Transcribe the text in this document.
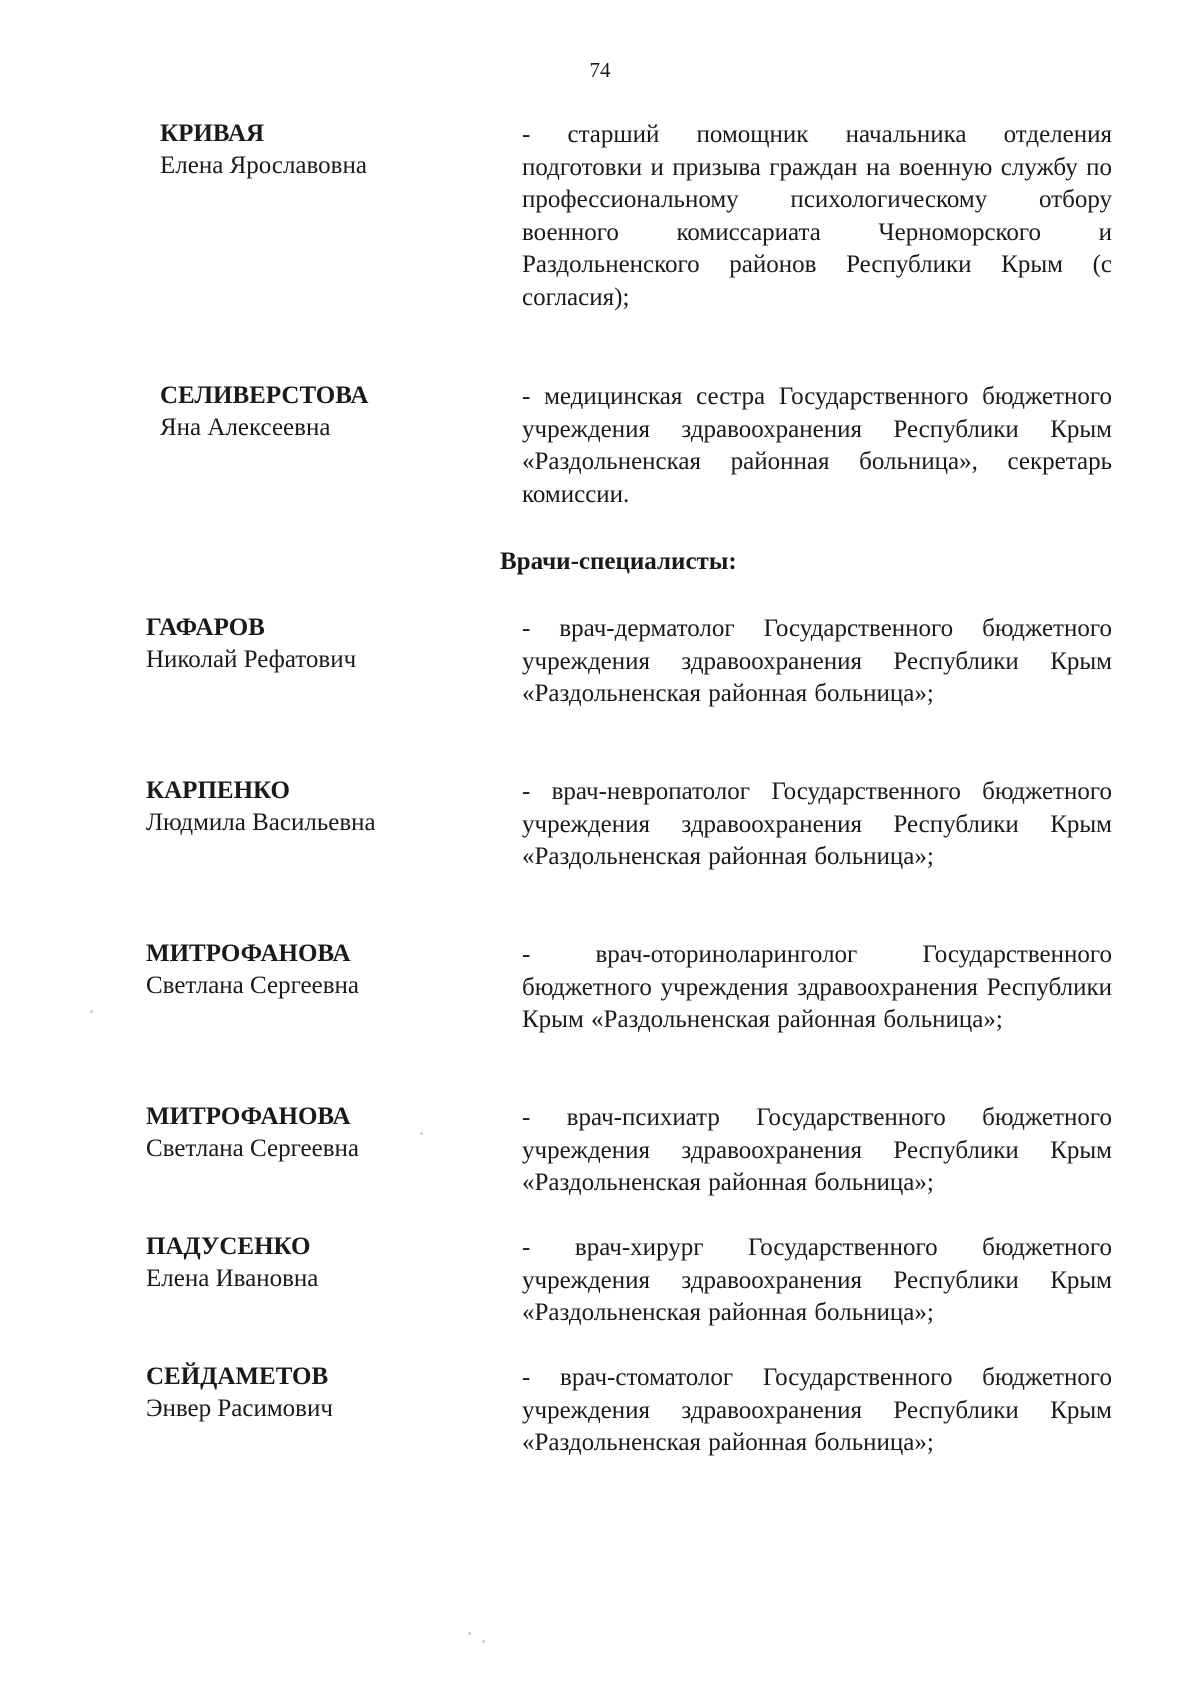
74
КРИВАЯ
Елена Ярославовна
- старший помощник начальника отделения подготовки и призыва граждан на военную службу по профессиональному психологическому отбору военного комиссариата Черноморского и Раздольненского районов Республики Крым (с согласия);
СЕЛИВЕРСТОВА
Яна Алексеевна
- медицинская сестра Государственного бюджетного учреждения здравоохранения Республики Крым «Раздольненская районная больница», секретарь комиссии.
Врачи-специалисты:
ГАФАРОВ
Николай Рефатович
- врач-дерматолог Государственного бюджетного учреждения здравоохранения Республики Крым «Раздольненская районная больница»;
КАРПЕНКО
Людмила Васильевна
- врач-невропатолог Государственного бюджетного учреждения здравоохранения Республики Крым «Раздольненская районная больница»;
МИТРОФАНОВА
Светлана Сергеевна
- врач-оториноларинголог Государственного бюджетного учреждения здравоохранения Республики Крым «Раздольненская районная больница»;
МИТРОФАНОВА
Светлана Сергеевна
- врач-психиатр Государственного бюджетного учреждения здравоохранения Республики Крым «Раздольненская районная больница»;
ПАДУСЕНКО
Елена Ивановна
- врач-хирург Государственного бюджетного учреждения здравоохранения Республики Крым «Раздольненская районная больница»;
СЕЙДАМЕТОВ
Энвер Расимович
- врач-стоматолог Государственного бюджетного учреждения здравоохранения Республики Крым «Раздольненская районная больница»;
